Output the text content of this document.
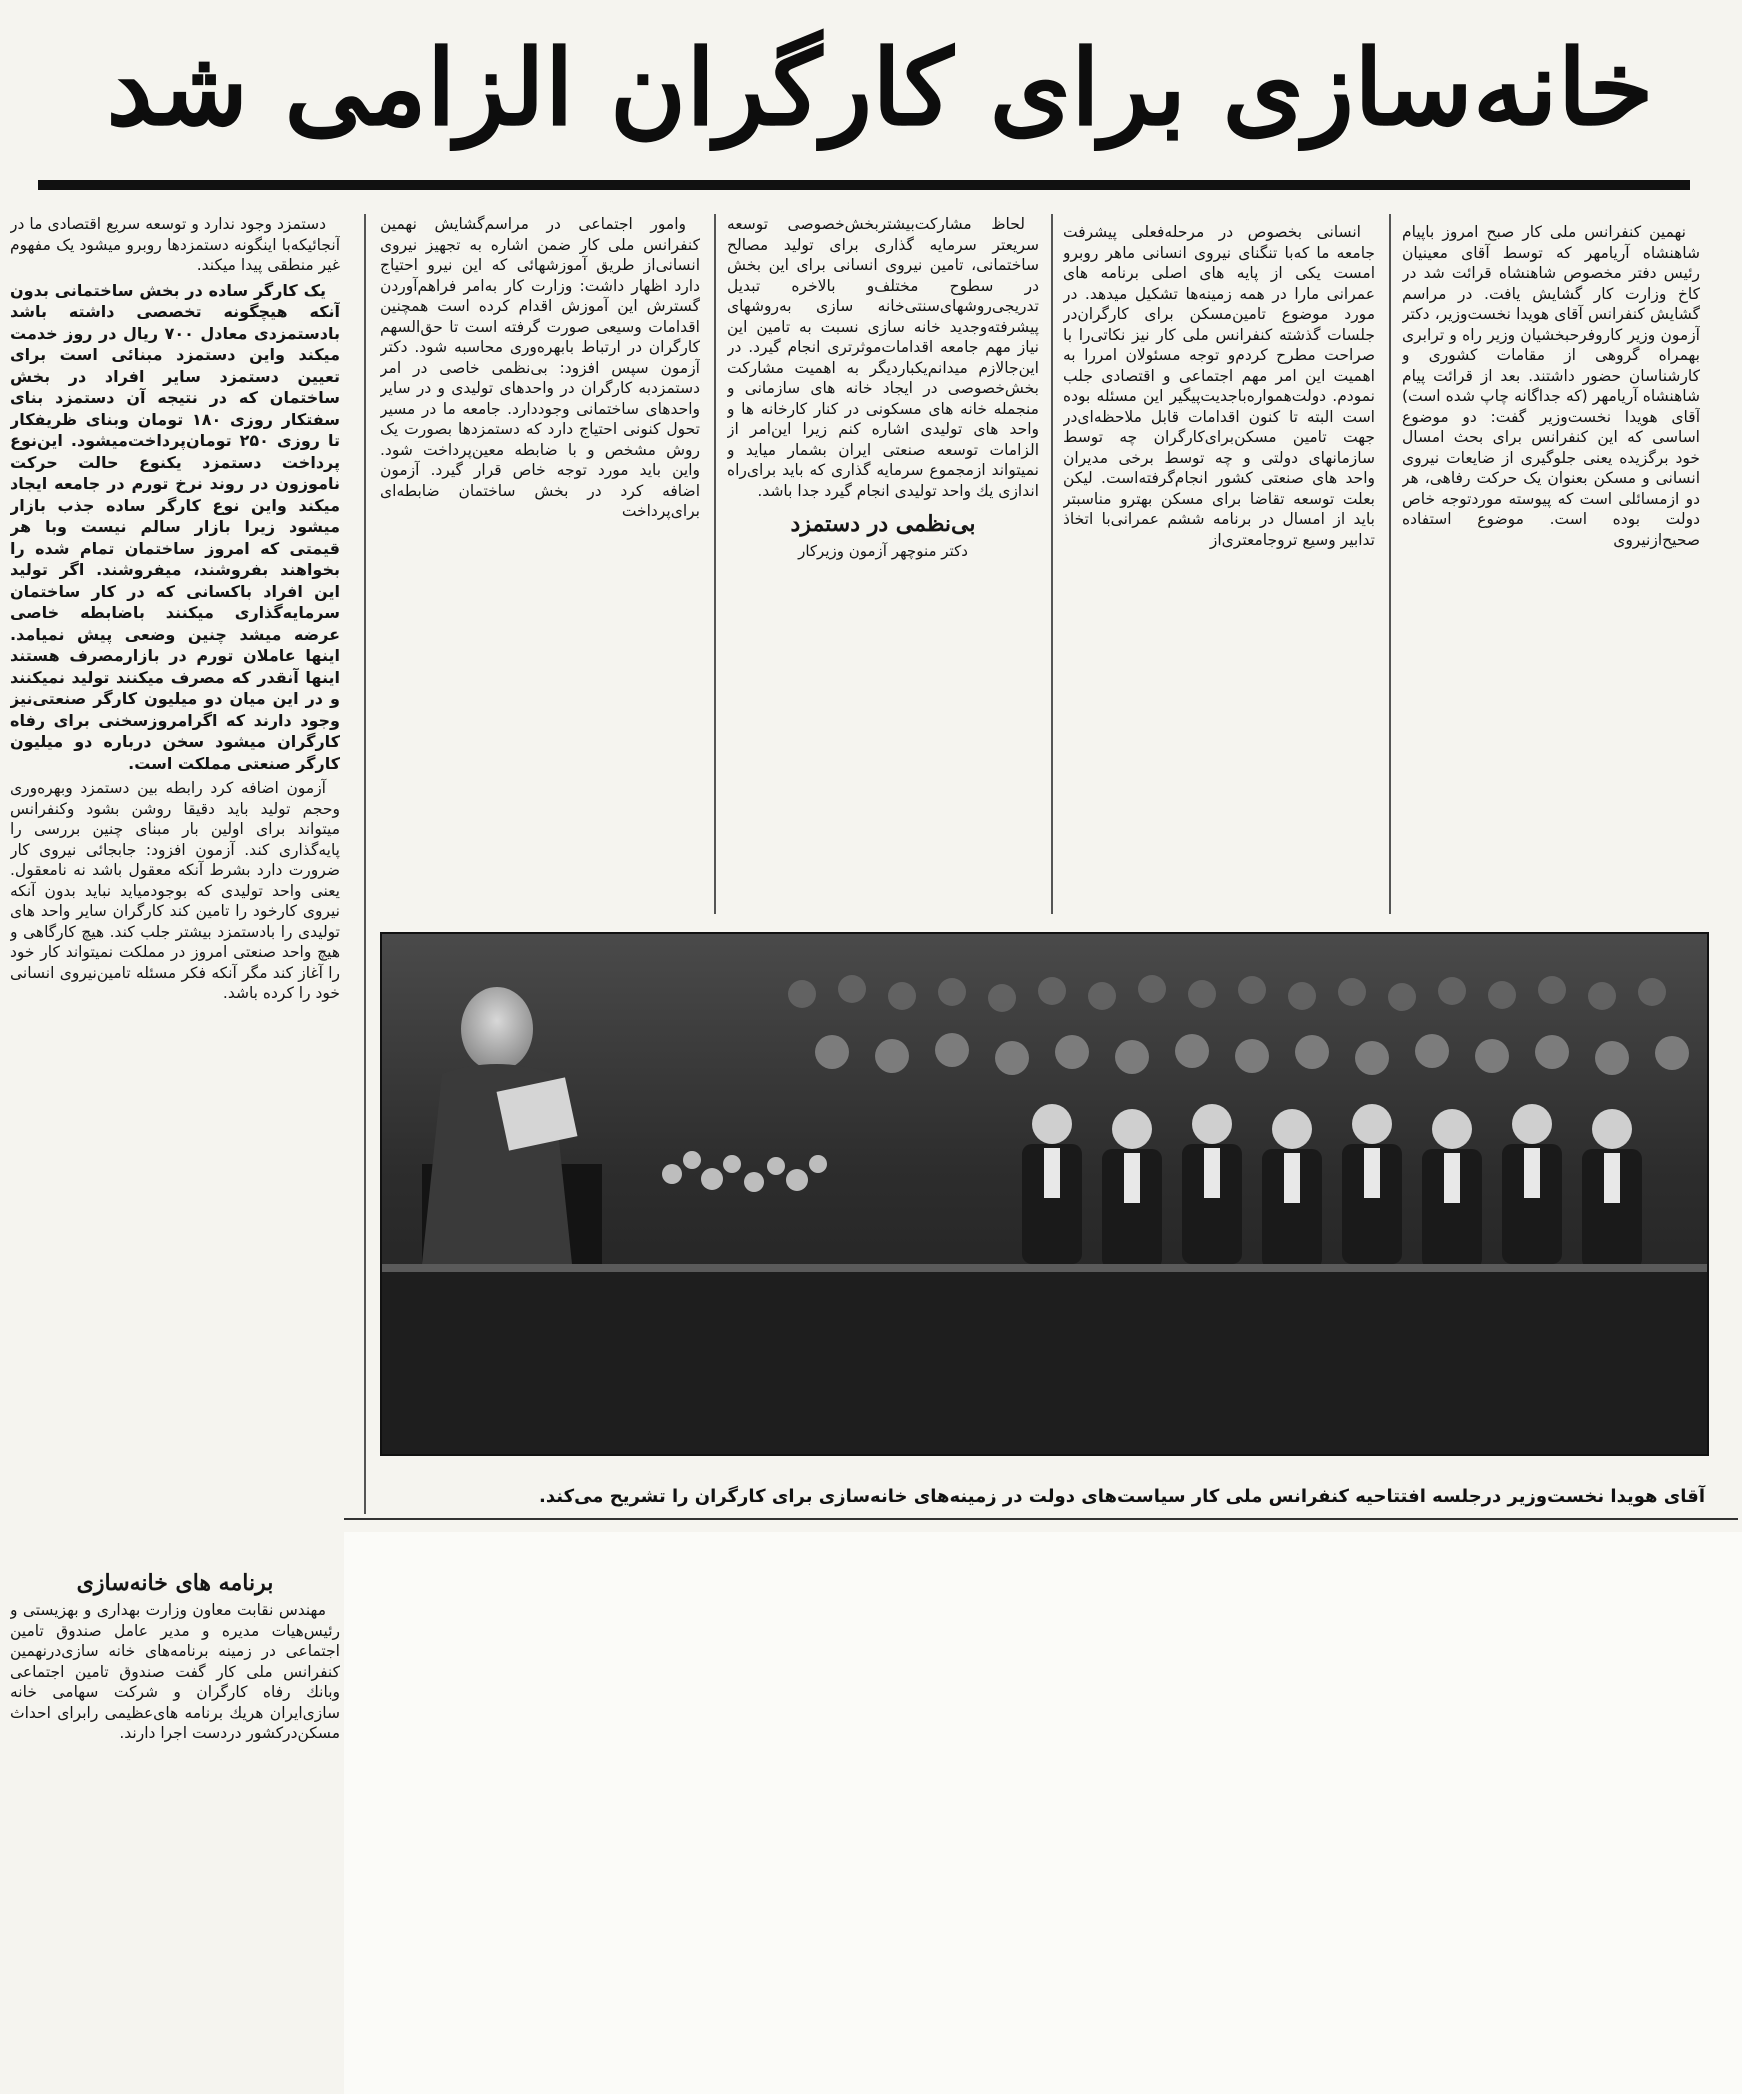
خانه‌سازی برای کارگران الزامی شد

نهمین کنفرانس ملی کار صبح امروز باپیام شاهنشاه آریامهر که توسط آقای معینیان رئیس دفتر مخصوص شاهنشاه قرائت شد در کاخ وزارت کار گشایش یافت. در مراسم گشایش کنفرانس آقای هویدا نخست‌وزیر، دکتر آزمون وزیر کاروفرحبخشیان وزیر راه و ترابری بهمراه گروهی از مقامات کشوری و کارشناسان حضور داشتند. بعد از قرائت پیام شاهنشاه آریامهر (که جداگانه چاپ شده است) آقای هویدا نخست‌وزیر گفت: دو موضوع اساسی که این کنفرانس برای بحث امسال خود برگزیده یعنی جلوگیری از ضایعات نیروی انسانی و مسکن بعنوان یک حرکت رفاهی، هر دو ازمسائلی است که پیوسته موردتوجه خاص دولت بوده است. موضوع استفاده صحیح‌ازنیروی

انسانی بخصوص در مرحله‌فعلی پیشرفت جامعه ما که‌با تنگنای نیروی انسانی ماهر روبرو امست یکی از پایه های اصلی برنامه های عمرانی مارا در همه زمینه‌ها تشکیل میدهد. در مورد موضوع تامین‌مسکن برای کارگران‌در جلسات گذشته کنفرانس ملی کار نیز نکاتی‌را با صراحت مطرح کردم‌و توجه مسئولان امررا به اهمیت این امر مهم اجتماعی و اقتصادی جلب نمودم. دولت‌همواره‌باجدیت‌پیگیر این مسئله بوده است البته تا کنون اقدامات قابل ملاحظه‌ای‌در جهت تامین مسکن‌برای‌کارگران چه توسط سازمانهای دولتی و چه توسط برخی مدیران واحد های صنعتی کشور انجام‌گرفته‌است. لیکن بعلت توسعه تقاضا برای مسکن بهترو مناسبتر باید از امسال در برنامه ششم عمرانی‌با اتخاذ تدابیر وسیع ترو‌جامعتری‌از

لحاظ مشارکت‌بیشتر‌بخش‌خصوصی توسعه سریعتر سرمایه گذاری برای تولید مصالح ساختمانی، تامین نیروی انسانی برای این بخش در سطوح مختلف‌و بالاخره تبدیل تدریجی‌روشهای‌سنتی‌خانه سازی به‌روشهای پیشرفته‌وجدید خانه سازی نسبت به تامین این نیاز مهم جامعه اقدامات‌موثرتری انجام گیرد. در این‌جالازم میدانم‌یکباردیگر به اهمیت مشارکت بخش‌خصوصی در ایجاد خانه های سازمانی و منجمله خانه های مسکونی در کنار کارخانه ها و واحد های تولیدی اشاره کنم زیرا این‌امر از الزامات توسعه صنعتی ایران بشمار میاید و نمیتواند ازمجموع سرمایه گذاری که باید برای‌راه اندازی یك واحد تولیدی انجام گیرد جدا باشد.

بی‌نظمی در دستمزد
دکتر منوچهر آزمون وزیرکار

وامور اجتماعی در مراسم‌گشایش نهمین کنفرانس ملی کار ضمن اشاره به تجهیز نیروی انسانی‌از طریق آموزشهائی که این نیرو احتیاج دارد اظهار داشت: وزارت کار به‌امر فراهم‌آوردن گسترش این آموزش اقدام کرده است همچنین اقدامات وسیعی صورت گرفته است تا حق‌السهم کارگران در ارتباط بابهره‌وری محاسبه شود. دکتر آزمون سپس افزود: بی‌نظمی خاصی در امر دستمزدبه کارگران در واحدهای تولیدی و در سایر واحدهای ساختمانی وجوددارد. جامعه ما در مسیر تحول کنونی احتیاج دارد که دستمزدها بصورت یک روش مشخص و با ضابطه معین‌پرداخت شود. واین باید مورد توجه خاص قرار گیرد. آزمون اضافه کرد در بخش ساختمان ضابطه‌ای برای‌پرداخت

دستمزد وجود ندارد و توسعه سریع اقتصادی ما در آنجائیکه‌با اینگونه دستمزدها روبرو میشود یک مفهوم غیر منطقی پیدا میکند.

یک کارگر ساده در بخش ساختمانی بدون آنکه هیچگونه تخصصی داشته باشد بادستمزدی معادل ۷۰۰ ریال در روز خدمت میکند واین دستمزد مبنائی است برای تعیین دستمزد سایر افراد در بخش ساختمان که در نتیجه آن دستمزد بنای سفتکار روزی ۱۸۰ تومان وبنای ظریفکار تا روزی ۲۵۰ تومان‌پرداخت‌میشود. این‌نوع پرداخت دستمزد یکنوع حالت حرکت ناموزون در روند نرخ تورم در جامعه ایجاد میکند واین نوع کارگر ساده جذب بازار میشود زیرا بازار سالم نیست وبا هر قیمتی که امروز ساختمان تمام شده را بخواهند بفروشند، میفروشند. اگر تولید این افراد باکسانی که در کار ساختمان سرمایه‌گذاری میکنند باضابطه خاصی عرضه میشد چنین وضعی پیش نمیامد. اینها عاملان تورم در بازارمصرف هستند اینها آنقدر که مصرف میکنند تولید نمیکنند و در این میان دو میلیون کارگر صنعتی‌نیز وجود دارند که اگرامروزسخنی برای رفاه کارگران میشود سخن درباره دو میلیون کارگر صنعتی مملکت است.

آزمون اضافه کرد رابطه بین دستمزد وبهره‌وری وحجم تولید باید دقیقا روشن بشود وکنفرانس میتواند برای اولین بار مبنای چنین بررسی را پایه‌گذاری کند. آزمون افزود: جابجائی نیروی کار ضرورت دارد بشرط آنکه معقول باشد نه نامعقول. یعنی واحد تولیدی که بوجودمیاید نباید بدون آنکه نیروی کارخود را تامین کند کارگران سایر واحد های تولیدی را بادستمزد بیشتر جلب کند. هیچ کارگاهی و هیچ واحد صنعتی امروز در مملکت نمیتواند کار خود را آغاز کند مگر آنکه فکر مسئله تامین‌نیروی انسانی خود را کرده باشد.

برنامه های خانه‌سازی

مهندس نقابت معاون وزارت بهداری و بهزیستی و رئیس‌هیات مدیره و مدیر عامل صندوق تامین اجتماعی در زمینه برنامه‌های خانه سازی‌درنهمین کنفرانس ملی کار گفت صندوق تامین اجتماعی وبانك رفاه کارگران و شرکت سهامی خانه سازی‌ایران هریك برنامه های‌عظیمی رابرای احداث مسکن‌درکشور دردست اجرا دارند.

آقای هویدا نخست‌وزیر درجلسه افتتاحیه کنفرانس ملی کار سیاست‌های دولت در زمینه‌های خانه‌سازی برای کارگران را تشریح می‌کند.
